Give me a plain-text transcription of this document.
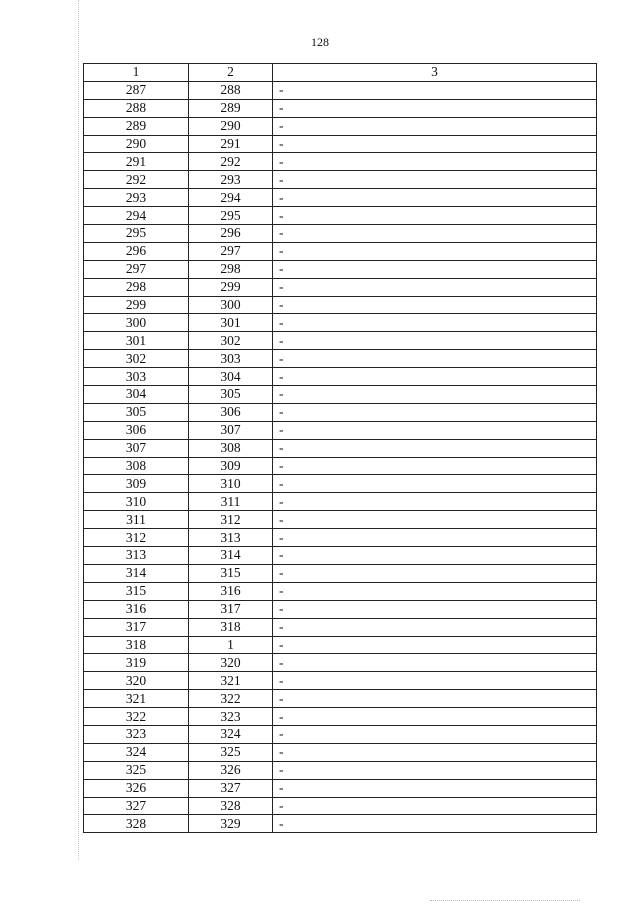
128
1	2	3
287	288	-
288	289	-
289	290	-
290	291	-
291	292	-
292	293	-
293	294	-
294	295	-
295	296	-
296	297	-
297	298	-
298	299	-
299	300	-
300	301	-
301	302	-
302	303	-
303	304	-
304	305	-
305	306	-
306	307	-
307	308	-
308	309	-
309	310	-
310	311	-
311	312	-
312	313	-
313	314	-
314	315	-
315	316	-
316	317	-
317	318	-
318	1	-
319	320	-
320	321	-
321	322	-
322	323	-
323	324	-
324	325	-
325	326	-
326	327	-
327	328	-
328	329	-
